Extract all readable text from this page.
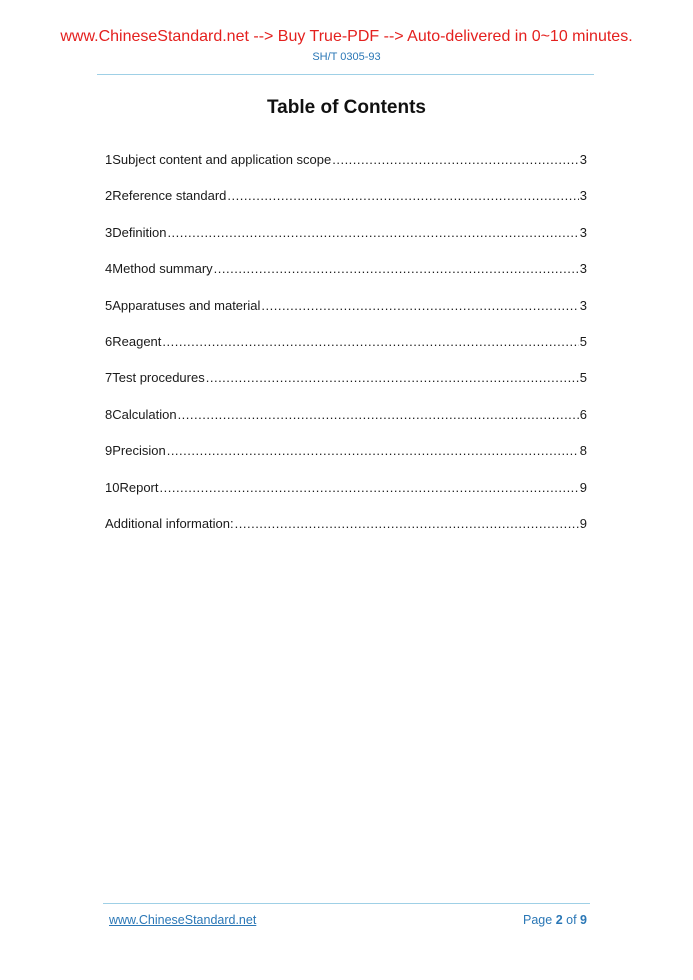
www.ChineseStandard.net --> Buy True-PDF --> Auto-delivered in 0~10 minutes.
SH/T 0305-93
Table of Contents
1 Subject content and application scope .....	3
2 Reference standard .....	3
3 Definition .....	3
4 Method summary .....	3
5 Apparatuses and material .....	3
6 Reagent .....	5
7 Test procedures .....	5
8 Calculation .....	6
9 Precision .....	8
10 Report .....	9
Additional information: .....	9
www.ChineseStandard.net	Page 2 of 9
